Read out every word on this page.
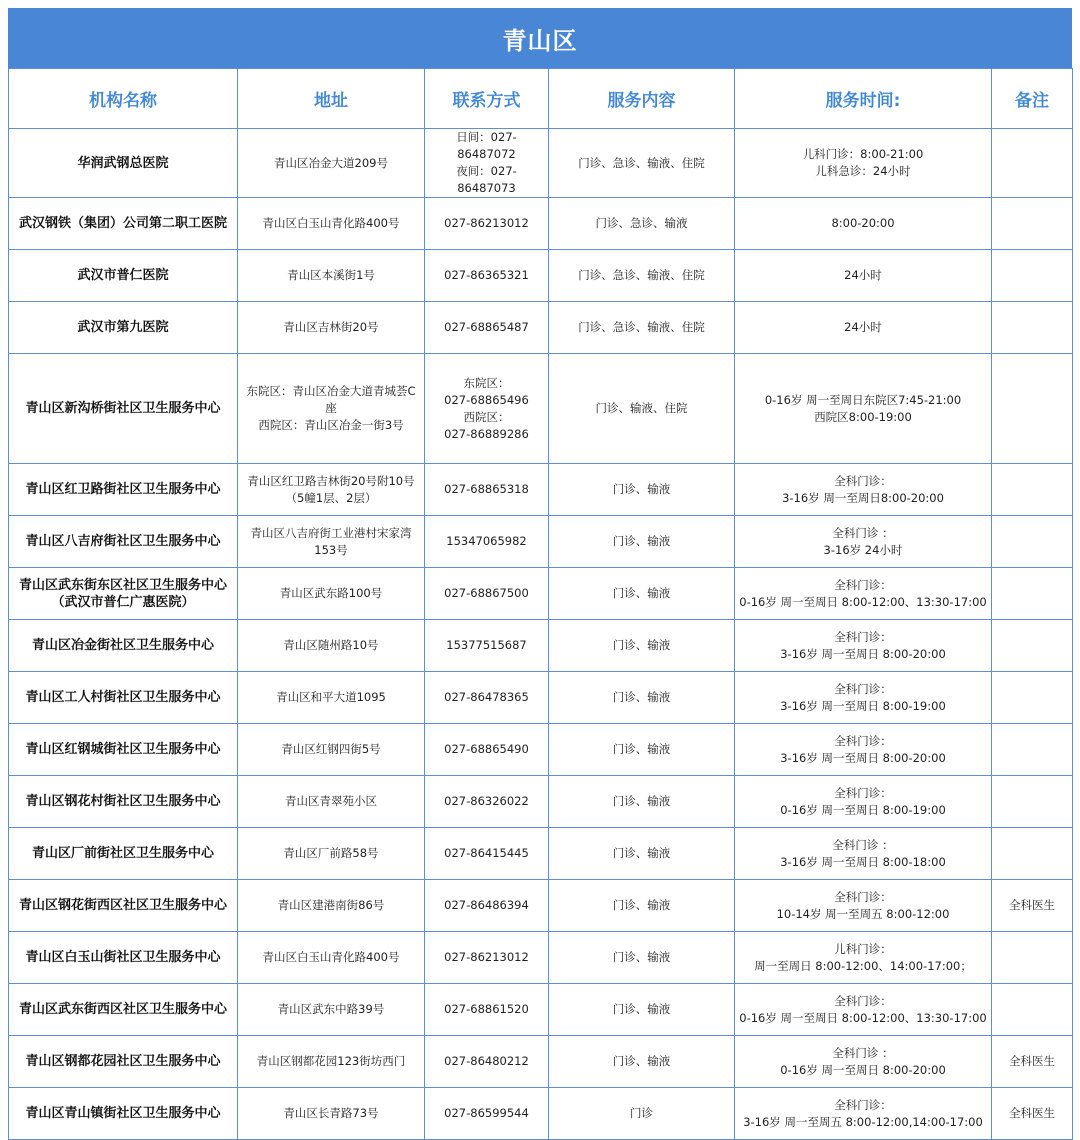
青山区
机构名称	地址	联系方式	服务内容	服务时间:	备注

华润武钢总医院	青山区冶金大道209号	日间：027-86487072
夜间：027-86487073	门诊、急诊、输液、住院	儿科门诊：8:00-21:00
儿科急诊：24小时	

武汉钢铁（集团）公司第二职工医院	青山区白玉山青化路400号	027-86213012	门诊、急诊、输液	8:00-20:00	

武汉市普仁医院	青山区本溪街1号	027-86365321	门诊、急诊、输液、住院	24小时	

武汉市第九医院	青山区吉林街20号	027-68865487	门诊、急诊、输液、住院	24小时	

青山区新沟桥街社区卫生服务中心	东院区：青山区冶金大道青城荟C
座
西院区：青山区冶金一街3号	东院区：
027-68865496
西院区：
027-86889286	门诊、输液、住院	0-16岁 周一至周日东院区7:45-21:00
西院区8:00-19:00	

青山区红卫路街社区卫生服务中心	青山区红卫路吉林街20号附10号
（5幢1层、2层）	027-68865318	门诊、输液	全科门诊：
3-16岁 周一至周日8:00-20:00	

青山区八吉府街社区卫生服务中心	青山区八吉府街工业港村宋家湾
153号	15347065982	门诊、输液	全科门诊 ：
3-16岁 24小时	

青山区武东街东区社区卫生服务中心
（武汉市普仁广惠医院）	青山区武东路100号	027-68867500	门诊、输液	全科门诊：
0-16岁 周一至周日 8:00-12:00、13:30-17:00	

青山区冶金街社区卫生服务中心	青山区随州路10号	15377515687	门诊、输液	全科门诊：
3-16岁 周一至周日 8:00-20:00	

青山区工人村街社区卫生服务中心	青山区和平大道1095	027-86478365	门诊、输液	全科门诊：
3-16岁 周一至周日 8:00-19:00	

青山区红钢城街社区卫生服务中心	青山区红钢四街5号	027-68865490	门诊、输液	全科门诊：
3-16岁 周一至周日 8:00-20:00	

青山区钢花村街社区卫生服务中心	青山区青翠苑小区	027-86326022	门诊、输液	全科门诊：
0-16岁 周一至周日 8:00-19:00	

青山区厂前街社区卫生服务中心	青山区厂前路58号	027-86415445	门诊、输液	全科门诊 ：
3-16岁 周一至周日 8:00-18:00	

青山区钢花街西区社区卫生服务中心	青山区建港南街86号	027-86486394	门诊、输液	全科门诊：
10-14岁 周一至周五 8:00-12:00	全科医生

青山区白玉山街社区卫生服务中心	青山区白玉山青化路400号	027-86213012	门诊、输液	儿科门诊：
周一至周日 8:00-12:00、14:00-17:00；	

青山区武东街西区社区卫生服务中心	青山区武东中路39号	027-68861520	门诊、输液	全科门诊：
0-16岁 周一至周日 8:00-12:00、13:30-17:00	

青山区钢都花园社区卫生服务中心	青山区钢都花园123街坊西门	027-86480212	门诊、输液	全科门诊 ：
0-16岁 周一至周日 8:00-20:00	全科医生

青山区青山镇街社区卫生服务中心	青山区长青路73号	027-86599544	门诊	全科门诊：
3-16岁 周一至周五 8:00-12:00,14:00-17:00	全科医生
